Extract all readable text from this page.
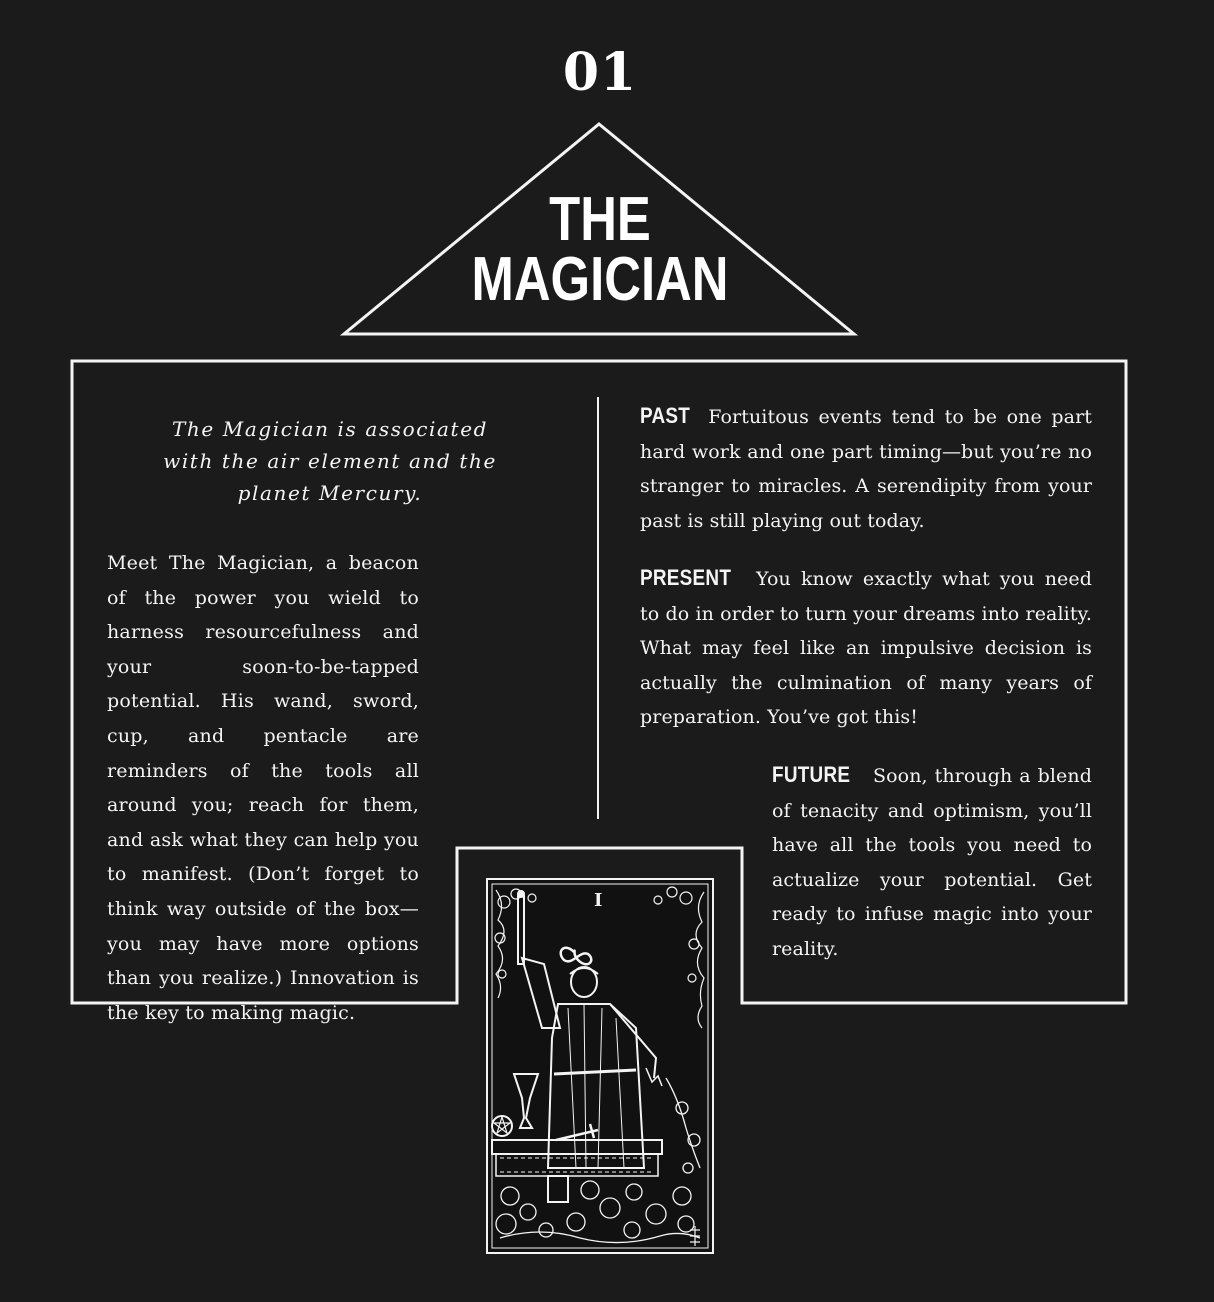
01
THE
MAGICIAN
The Magician is associated
with the air element and the
planet Mercury.
Meet The Magician, a beacon of the power you wield to harness resourcefulness and your soon-to-be-tapped potential. His wand, sword, cup, and pentacle are reminders of the tools all around you; reach for them, and ask what they can help you to manifest. (Don’t forget to think way outside of the box—you may have more options than you realize.) Innovation is the key to making magic.
PAST Fortuitous events tend to be one part hard work and one part timing—but you’re no stranger to miracles. A serendipity from your past is still playing out today.
PRESENT You know exactly what you need to do in order to turn your dreams into reality. What may feel like an impulsive decision is actually the culmination of many years of preparation. You’ve got this!
FUTURE Soon, through a blend of tenacity and optimism, you’ll have all the tools you need to actualize your potential. Get ready to infuse magic into your reality.
I
